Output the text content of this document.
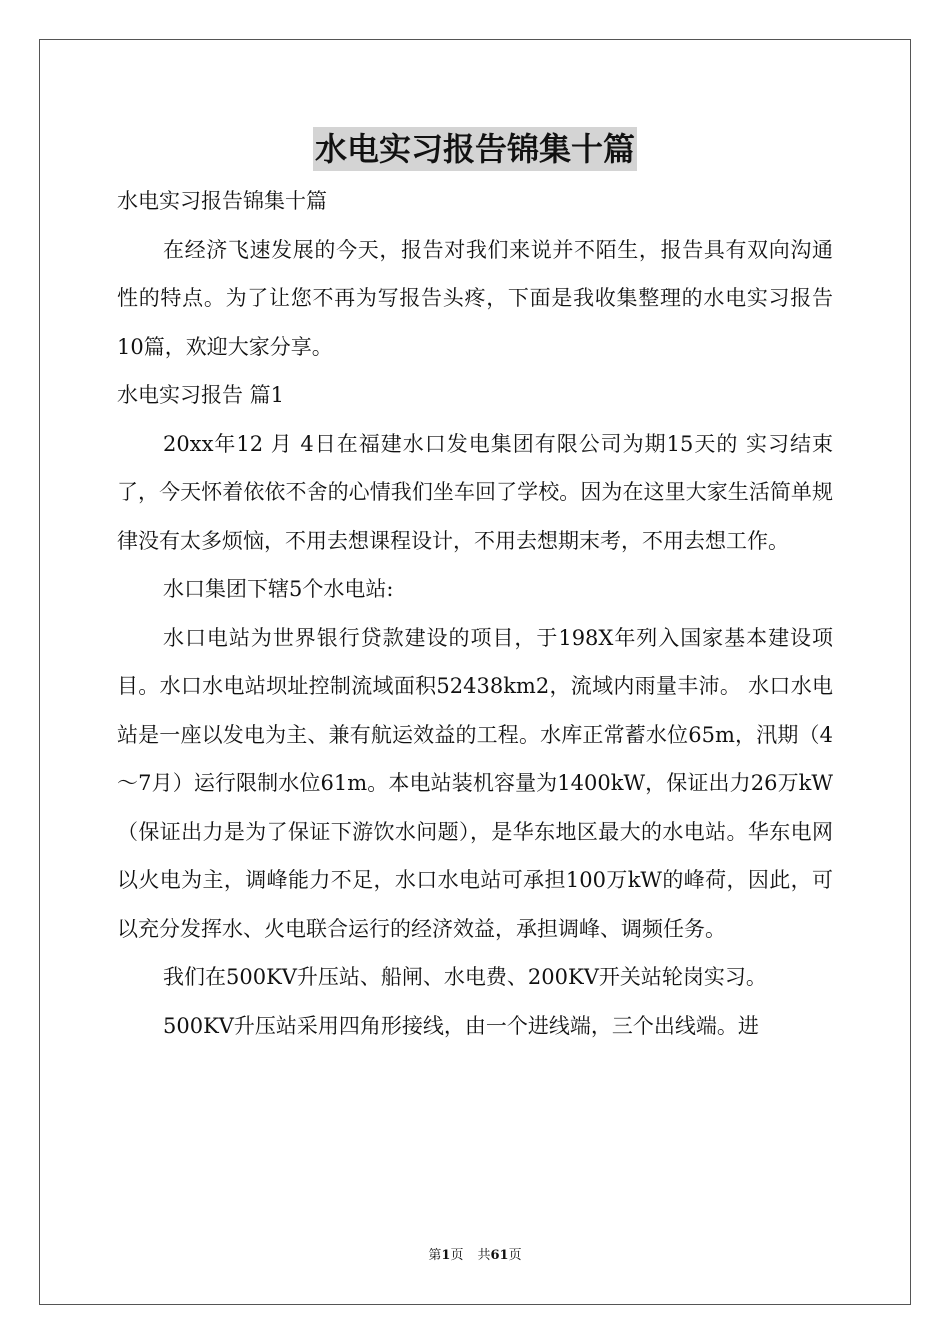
水电实习报告锦集十篇

水电实习报告锦集十篇

在经济飞速发展的今天，报告对我们来说并不陌生，报告具有双向沟通性的特点。为了让您不再为写报告头疼，下面是我收集整理的水电实习报告10篇，欢迎大家分享。

水电实习报告 篇1

20xx年12 月 4日在福建水口发电集团有限公司为期15天的 实习结束了，今天怀着依依不舍的心情我们坐车回了学校。因为在这里大家生活简单规律没有太多烦恼，不用去想课程设计，不用去想期末考，不用去想工作。

水口集团下辖5个水电站:

水口电站为世界银行贷款建设的项目，于198X年列入国家基本建设项目。水口水电站坝址控制流域面积52438km2，流域内雨量丰沛。 水口水电站是一座以发电为主、兼有航运效益的工程。水库正常蓄水位65m，汛期（4～7月）运行限制水位61m。本电站装机容量为1400kW，保证出力26万kW（保证出力是为了保证下游饮水问题），是华东地区最大的水电站。华东电网以火电为主，调峰能力不足，水口水电站可承担100万kW的峰荷，因此，可以充分发挥水、火电联合运行的经济效益，承担调峰、调频任务。

我们在500KV升压站、船闸、水电费、200KV开关站轮岗实习。

500KV升压站采用四角形接线，由一个进线端，三个出线端。进

第1页 共61页
